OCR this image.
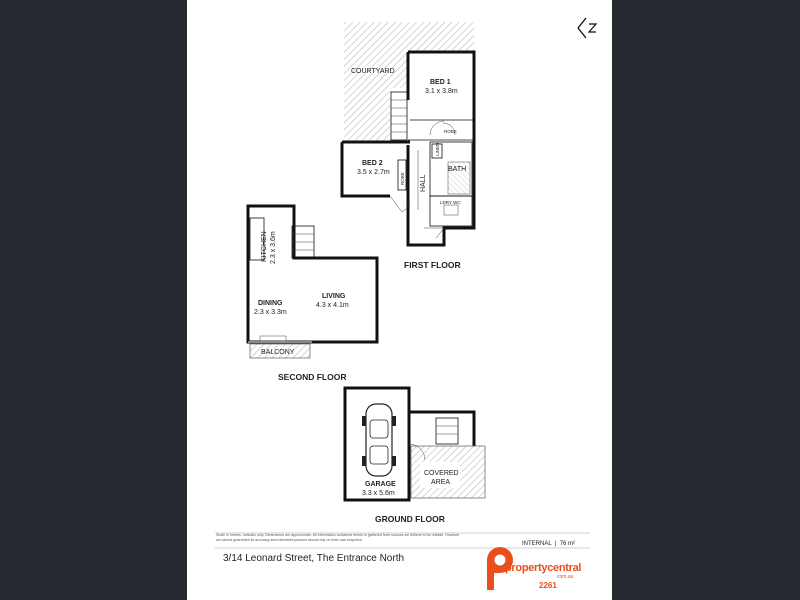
COURTYARD
BED 1
3.1 x 3.8m
ROBE
BED 2
3.5 x 2.7m ROBE
LINEN
BATH
HALL
LDRY WC
FIRST FLOOR
KITCHEN 2.3 x 3.6m
LIVING
4.3 x 4.1m
DINING
2.3 x 3.3m
BALCONY
SECOND FLOOR
GARAGE
3.3 x 5.6m
COVERED
AREA
GROUND FLOOR
Scale in metres. Indicatic only. Dimensions are approximate. All information contained herein is gathered from sources we believe to be reliable. However we cannot guarantee its accuracy and interested persons should rely on their own enquiries.
INTERNAL  |  76 m²
3/14 Leonard Street, The Entrance North
propertycentral
com.au
2261
